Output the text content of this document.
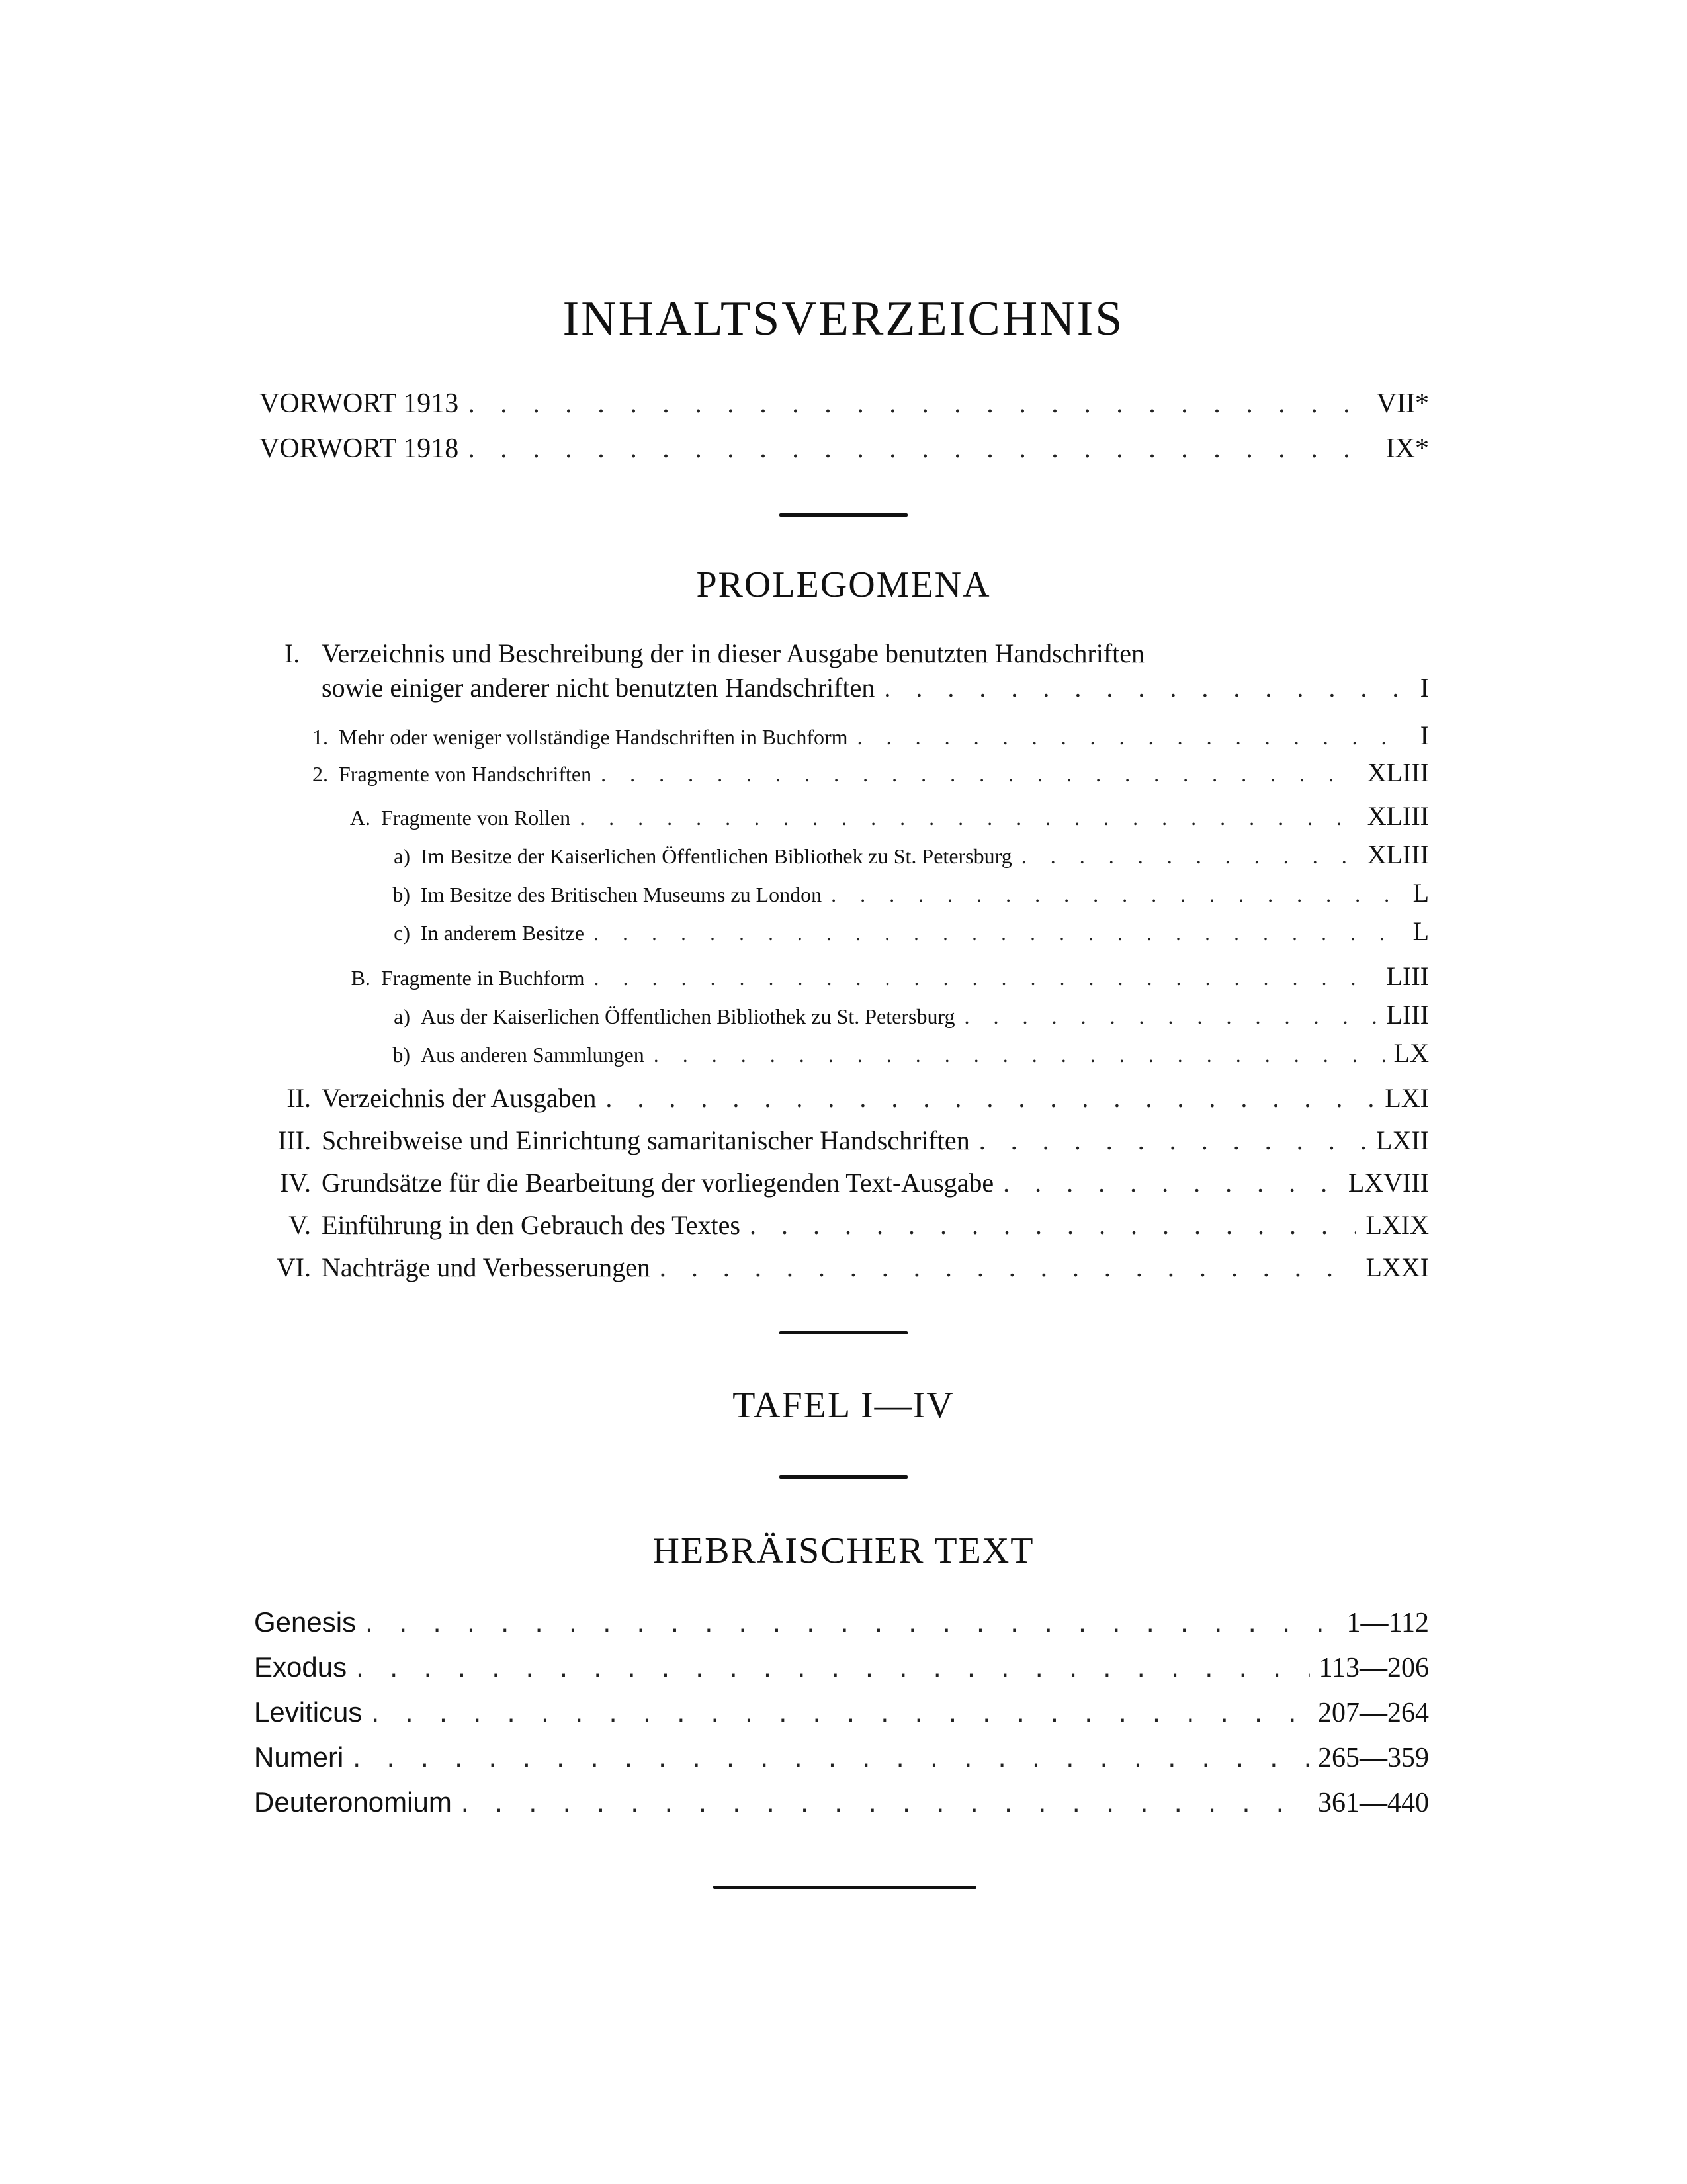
INHALTSVERZEICHNIS
VORWORT 1913 . . .	VII*
VORWORT 1918 . . .	IX*
PROLEGOMENA
I. Verzeichnis und Beschreibung der in dieser Ausgabe benutzten Handschriften
sowie einiger anderer nicht benutzten Handschriften . . .	I
1. Mehr oder weniger vollständige Handschriften in Buchform . . .	I
2. Fragmente von Handschriften . . .	XLIII
A. Fragmente von Rollen . . .	XLIII
a) Im Besitze der Kaiserlichen Öffentlichen Bibliothek zu St. Petersburg . . .	XLIII
b) Im Besitze des Britischen Museums zu London . . .	L
c) In anderem Besitze . . .	L
B. Fragmente in Buchform . . .	LIII
a) Aus der Kaiserlichen Öffentlichen Bibliothek zu St. Petersburg . . .	LIII
b) Aus anderen Sammlungen . . .	LX
II. Verzeichnis der Ausgaben . . .	LXI
III. Schreibweise und Einrichtung samaritanischer Handschriften . . .	LXII
IV. Grundsätze für die Bearbeitung der vorliegenden Text-Ausgabe . . .	LXVIII
V. Einführung in den Gebrauch des Textes . . .	LXIX
VI. Nachträge und Verbesserungen . . .	LXXI
TAFEL I—IV
HEBRÄISCHER TEXT
Genesis . . .	1—112
Exodus . . .	113—206
Leviticus . . .	207—264
Numeri . . .	265—359
Deuteronomium . . .	361—440
